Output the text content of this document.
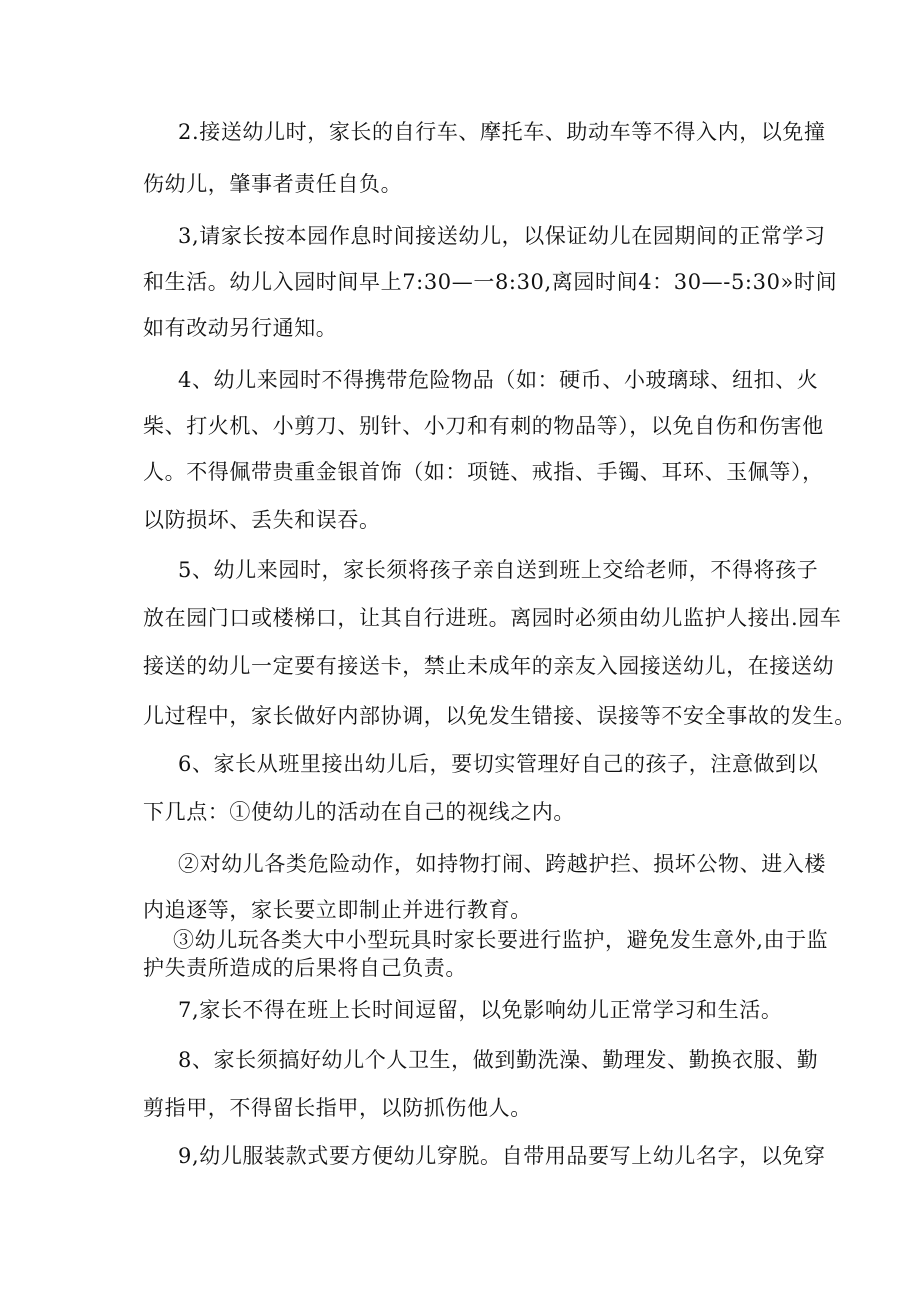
2.接送幼儿时，家长的自行车、摩托车、助动车等不得入内，以免撞
伤幼儿，肇事者责任自负。
3,请家长按本园作息时间接送幼儿，以保证幼儿在园期间的正常学习
和生活。幼儿入园时间早上7:30—一8:30,离园时间4：30—-5:30»时间
如有改动另行通知。
4、幼儿来园时不得携带危险物品（如：硬币、小玻璃球、纽扣、火
柴、打火机、小剪刀、别针、小刀和有刺的物品等），以免自伤和伤害他
人。不得佩带贵重金银首饰（如：项链、戒指、手镯、耳环、玉佩等），
以防损坏、丢失和误吞。
5、幼儿来园时，家长须将孩子亲自送到班上交给老师，不得将孩子
放在园门口或楼梯口，让其自行进班。离园时必须由幼儿监护人接出.园车
接送的幼儿一定要有接送卡，禁止未成年的亲友入园接送幼儿，在接送幼
儿过程中，家长做好内部协调，以免发生错接、误接等不安全事故的发生。
6、家长从班里接出幼儿后，要切实管理好自己的孩子，注意做到以
下几点：①使幼儿的活动在自己的视线之内。
②对幼儿各类危险动作，如持物打闹、跨越护拦、损坏公物、进入楼
内追逐等，家长要立即制止并进行教育。
③幼儿玩各类大中小型玩具时家长要进行监护，避免发生意外,由于监
护失责所造成的后果将自己负责。
7,家长不得在班上长时间逗留，以免影响幼儿正常学习和生活。
8、家长须搞好幼儿个人卫生，做到勤洗澡、勤理发、勤换衣服、勤
剪指甲，不得留长指甲，以防抓伤他人。
9,幼儿服装款式要方便幼儿穿脱。自带用品要写上幼儿名字，以免穿
